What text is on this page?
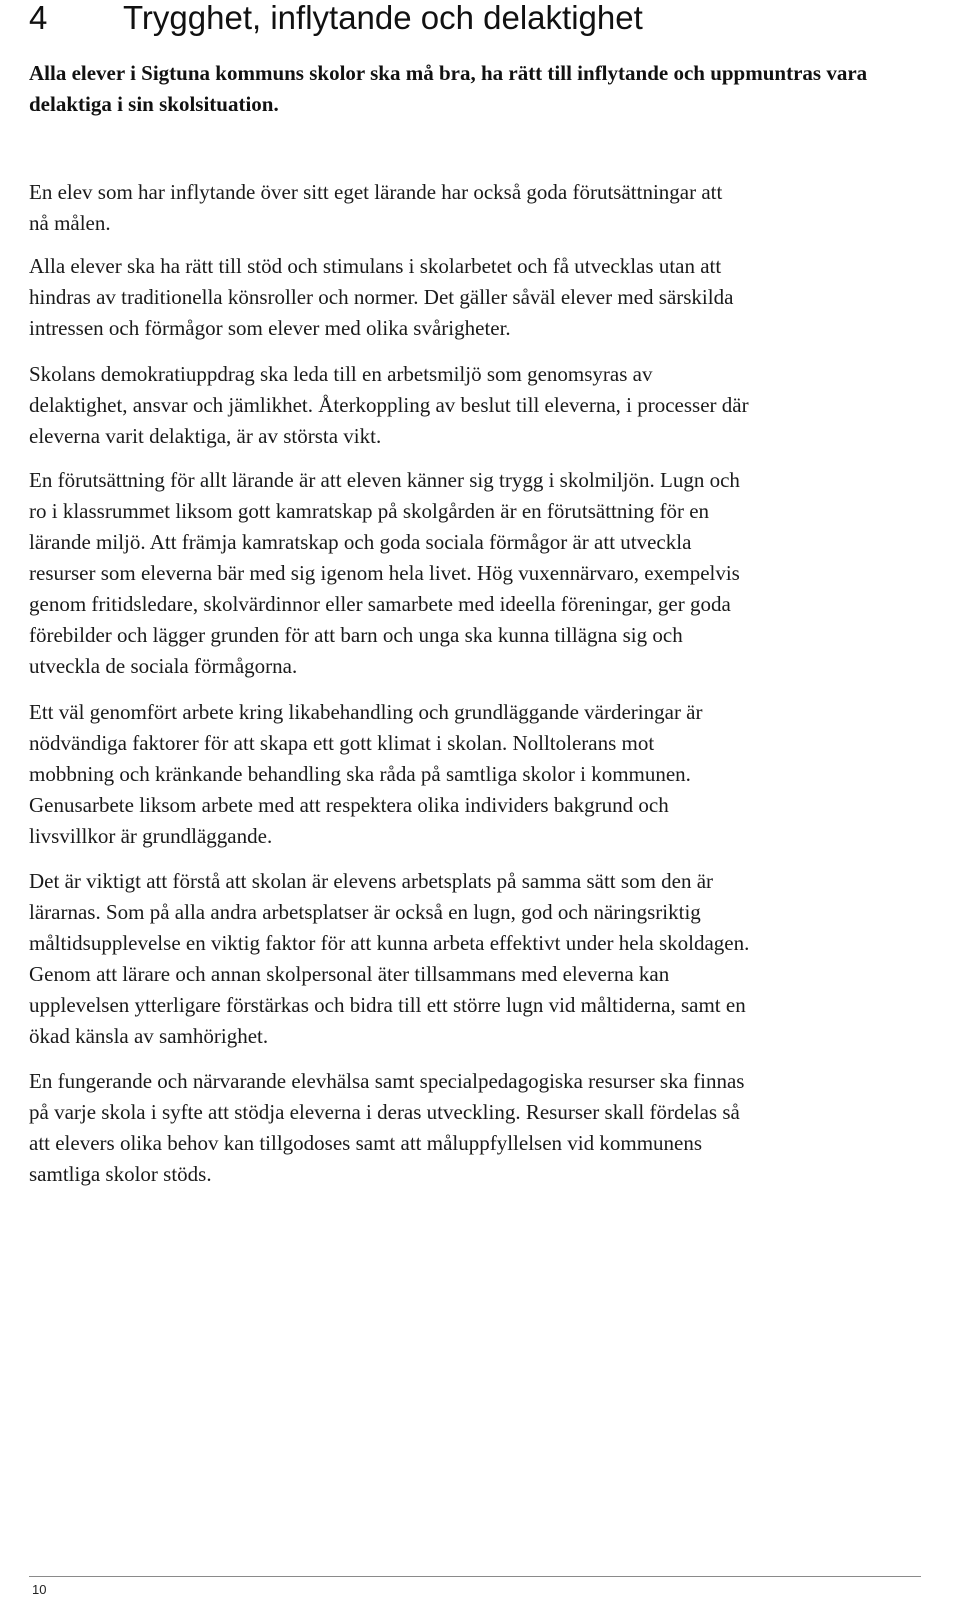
4 Trygghet, inflytande och delaktighet

Alla elever i Sigtuna kommuns skolor ska må bra, ha rätt till inflytande och uppmuntras vara delaktiga i sin skolsituation.

En elev som har inflytande över sitt eget lärande har också goda förutsättningar att
nå målen.

Alla elever ska ha rätt till stöd och stimulans i skolarbetet och få utvecklas utan att
hindras av traditionella könsroller och normer. Det gäller såväl elever med särskilda
intressen och förmågor som elever med olika svårigheter.

Skolans demokratiuppdrag ska leda till en arbetsmiljö som genomsyras av
delaktighet, ansvar och jämlikhet. Återkoppling av beslut till eleverna, i processer där
eleverna varit delaktiga, är av största vikt.

En förutsättning för allt lärande är att eleven känner sig trygg i skolmiljön. Lugn och
ro i klassrummet liksom gott kamratskap på skolgården är en förutsättning för en
lärande miljö. Att främja kamratskap och goda sociala förmågor är att utveckla
resurser som eleverna bär med sig igenom hela livet. Hög vuxennärvaro, exempelvis
genom fritidsledare, skolvärdinnor eller samarbete med ideella föreningar, ger goda
förebilder och lägger grunden för att barn och unga ska kunna tillägna sig och
utveckla de sociala förmågorna.

Ett väl genomfört arbete kring likabehandling och grundläggande värderingar är
nödvändiga faktorer för att skapa ett gott klimat i skolan. Nolltolerans mot
mobbning och kränkande behandling ska råda på samtliga skolor i kommunen.
Genusarbete liksom arbete med att respektera olika individers bakgrund och
livsvillkor är grundläggande.

Det är viktigt att förstå att skolan är elevens arbetsplats på samma sätt som den är
lärarnas. Som på alla andra arbetsplatser är också en lugn, god och näringsriktig
måltidsupplevelse en viktig faktor för att kunna arbeta effektivt under hela skoldagen.
Genom att lärare och annan skolpersonal äter tillsammans med eleverna kan
upplevelsen ytterligare förstärkas och bidra till ett större lugn vid måltiderna, samt en
ökad känsla av samhörighet.

En fungerande och närvarande elevhälsa samt specialpedagogiska resurser ska finnas
på varje skola i syfte att stödja eleverna i deras utveckling. Resurser skall fördelas så
att elevers olika behov kan tillgodoses samt att måluppfyllelsen vid kommunens
samtliga skolor stöds.

10
